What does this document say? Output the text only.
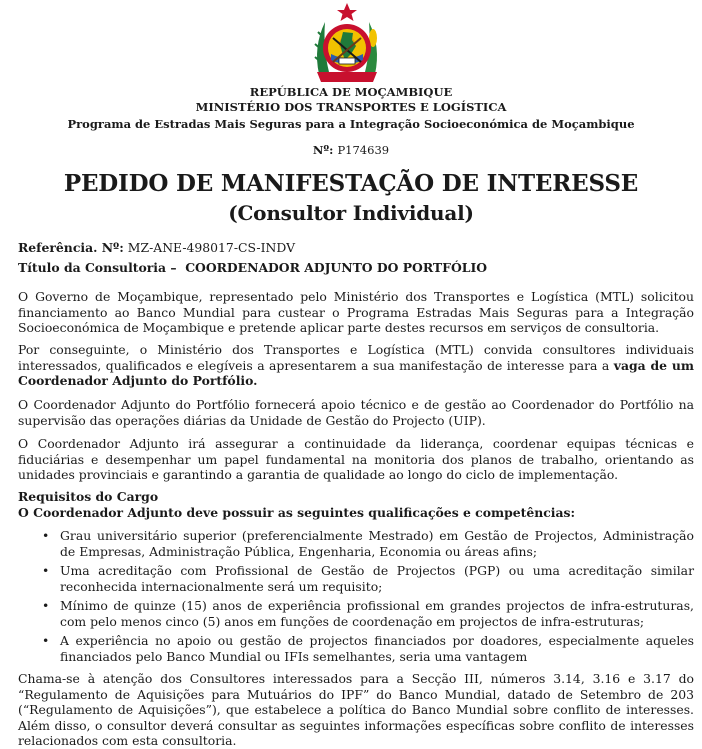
REPÚBLICA DE MOÇAMBIQUE
MINISTÉRIO DOS TRANSPORTES E LOGÍSTICA
Programa de Estradas Mais Seguras para a Integração Socioeconómica de Moçambique
Nº: P174639
PEDIDO DE MANIFESTAÇÃO DE INTERESSE
(Consultor Individual)
Referência. Nº: MZ-ANE-498017-CS-INDV
Título da Consultoria – COORDENADOR ADJUNTO DO PORTFÓLIO

O Governo de Moçambique, representado pelo Ministério dos Transportes e Logística (MTL) solicitou financiamento ao Banco Mundial para custear o Programa Estradas Mais Seguras para a Integração Socioeconómica de Moçambique e pretende aplicar parte destes recursos em serviços de consultoria.

Por conseguinte, o Ministério dos Transportes e Logística (MTL) convida consultores individuais interessados, qualificados e elegíveis a apresentarem a sua manifestação de interesse para a vaga de um Coordenador Adjunto do Portfólio.

O Coordenador Adjunto do Portfólio fornecerá apoio técnico e de gestão ao Coordenador do Portfólio na supervisão das operações diárias da Unidade de Gestão do Projecto (UIP).

O Coordenador Adjunto irá assegurar a continuidade da liderança, coordenar equipas técnicas e fiduciárias e desempenhar um papel fundamental na monitoria dos planos de trabalho, orientando as unidades provinciais e garantindo a garantia de qualidade ao longo do ciclo de implementação.

Requisitos do Cargo

O Coordenador Adjunto deve possuir as seguintes qualificações e competências:

• Grau universitário superior (preferencialmente Mestrado) em Gestão de Projectos, Administração de Empresas, Administração Pública, Engenharia, Economia ou áreas afins;
• Uma acreditação com Profissional de Gestão de Projectos (PGP) ou uma acreditação similar reconhecida internacionalmente será um requisito;
• Mínimo de quinze (15) anos de experiência profissional em grandes projectos de infra-estruturas, com pelo menos cinco (5) anos em funções de coordenação em projectos de infra-estruturas;
• A experiência no apoio ou gestão de projectos financiados por doadores, especialmente aqueles financiados pelo Banco Mundial ou IFIs semelhantes, seria uma vantagem

Chama-se à atenção dos Consultores interessados para a Secção III, números 3.14, 3.16 e 3.17 do “Regulamento de Aquisições para Mutuários do IPF” do Banco Mundial, datado de Setembro de 203 (“Regulamento de Aquisições”), que estabelece a política do Banco Mundial sobre conflito de interesses. Além disso, o consultor deverá consultar as seguintes informações específicas sobre conflito de interesses relacionados com esta consultoria.
